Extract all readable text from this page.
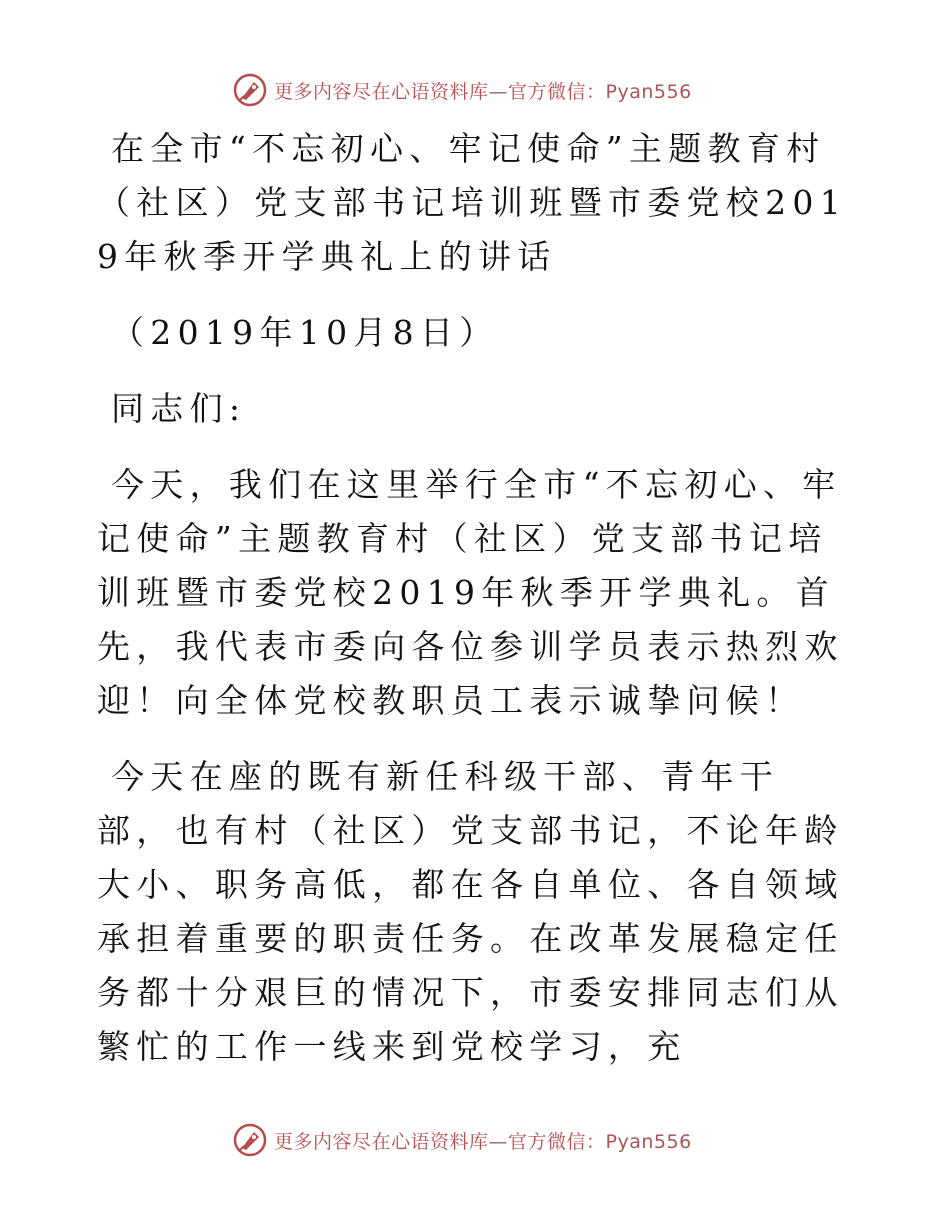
更多内容尽在心语资料库—官方微信：Pyan556

在全市“不忘初心、牢记使命”主题教育村（社区）党支部书记培训班暨市委党校2019年秋季开学典礼上的讲话

（2019年10月8日）

同志们:

今天，我们在这里举行全市“不忘初心、牢记使命”主题教育村（社区）党支部书记培训班暨市委党校2019年秋季开学典礼。首先，我代表市委向各位参训学员表示热烈欢迎！向全体党校教职员工表示诚挚问候！

今天在座的既有新任科级干部、青年干部，也有村（社区）党支部书记，不论年龄大小、职务高低，都在各自单位、各自领域承担着重要的职责任务。在改革发展稳定任务都十分艰巨的情况下，市委安排同志们从繁忙的工作一线来到党校学习，充

更多内容尽在心语资料库—官方微信：Pyan556
